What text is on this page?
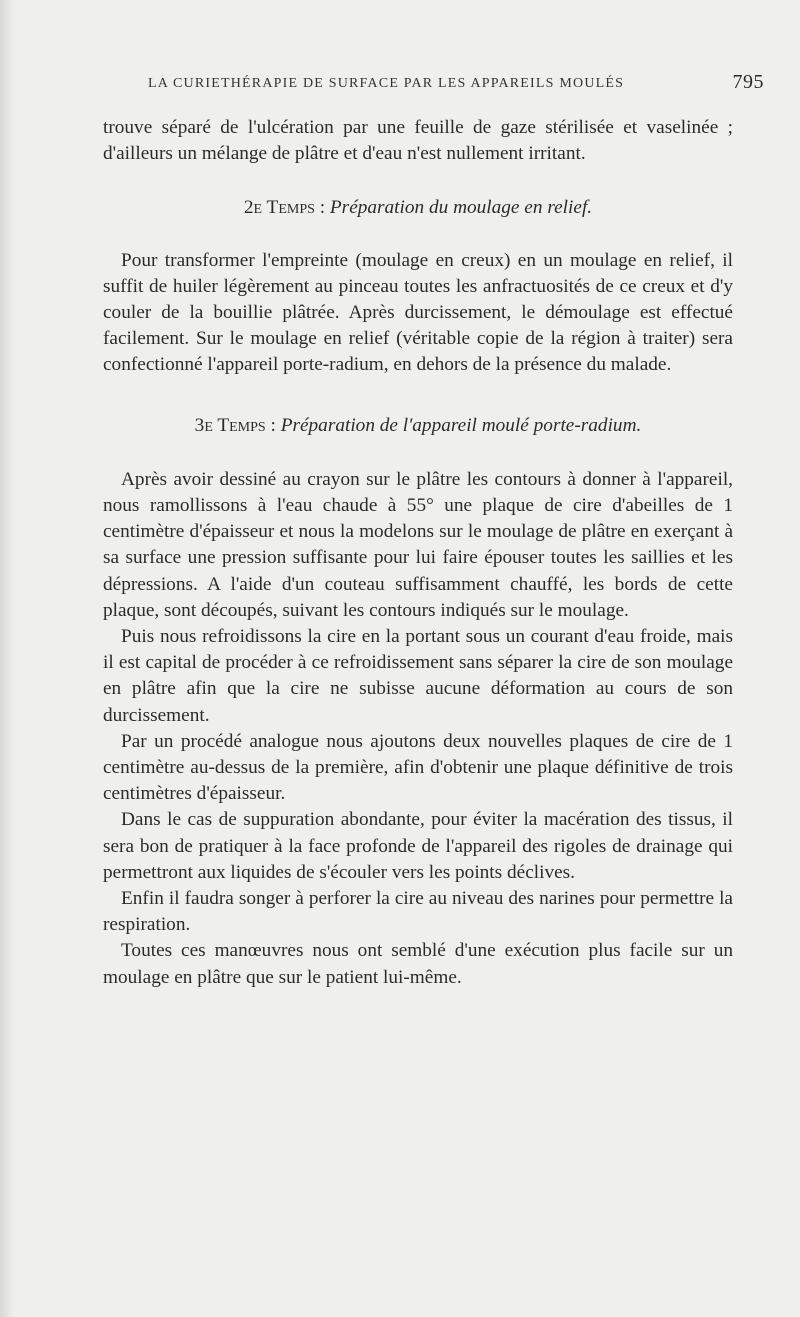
LA CURIETHÉRAPIE DE SURFACE PAR LES APPAREILS MOULÉS	795

trouve séparé de l'ulcération par une feuille de gaze stérilisée et vaselinée ; d'ailleurs un mélange de plâtre et d'eau n'est nullement irritant.

2e Temps : Préparation du moulage en relief.

Pour transformer l'empreinte (moulage en creux) en un moulage en relief, il suffit de huiler légèrement au pinceau toutes les anfractuosités de ce creux et d'y couler de la bouillie plâtrée. Après durcissement, le démoulage est effectué facilement. Sur le moulage en relief (véritable copie de la région à traiter) sera confectionné l'appareil porte-radium, en dehors de la présence du malade.

3e Temps : Préparation de l'appareil moulé porte-radium.

Après avoir dessiné au crayon sur le plâtre les contours à donner à l'appareil, nous ramollissons à l'eau chaude à 55° une plaque de cire d'abeilles de 1 centimètre d'épaisseur et nous la modelons sur le moulage de plâtre en exerçant à sa surface une pression suffisante pour lui faire épouser toutes les saillies et les dépressions. A l'aide d'un couteau suffisamment chauffé, les bords de cette plaque, sont découpés, suivant les contours indiqués sur le moulage.

Puis nous refroidissons la cire en la portant sous un courant d'eau froide, mais il est capital de procéder à ce refroidissement sans séparer la cire de son moulage en plâtre afin que la cire ne subisse aucune déformation au cours de son durcissement.

Par un procédé analogue nous ajoutons deux nouvelles plaques de cire de 1 centimètre au-dessus de la première, afin d'obtenir une plaque définitive de trois centimètres d'épaisseur.

Dans le cas de suppuration abondante, pour éviter la macération des tissus, il sera bon de pratiquer à la face profonde de l'appareil des rigoles de drainage qui permettront aux liquides de s'écouler vers les points déclives.

Enfin il faudra songer à perforer la cire au niveau des narines pour permettre la respiration.

Toutes ces manœuvres nous ont semblé d'une exécution plus facile sur un moulage en plâtre que sur le patient lui-même.
